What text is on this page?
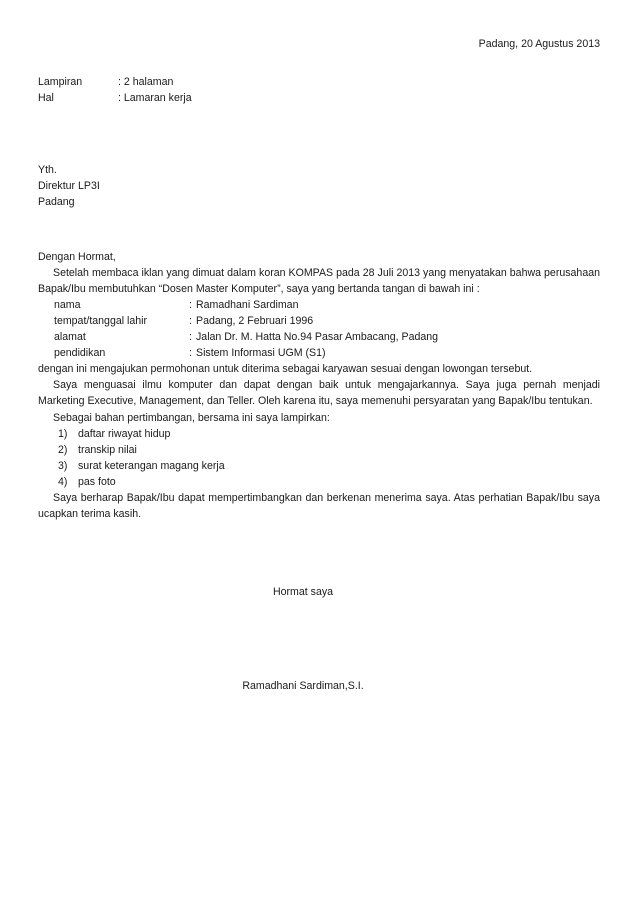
Padang, 20 Agustus 2013
Lampiran	: 2 halaman
Hal	: Lamaran kerja
Yth.
Direktur LP3I
Padang
Dengan Hormat,

Setelah membaca iklan yang dimuat dalam koran KOMPAS pada 28 Juli 2013 yang menyatakan bahwa perusahaan Bapak/Ibu membutuhkan “Dosen Master Komputer”, saya yang bertanda tangan di bawah ini :

nama	: Ramadhani Sardiman
tempat/tanggal lahir	: Padang, 2 Februari 1996
alamat	: Jalan Dr. M. Hatta No.94 Pasar Ambacang, Padang
pendidikan	: Sistem Informasi UGM (S1)

dengan ini mengajukan permohonan untuk diterima sebagai karyawan sesuai dengan lowongan tersebut.

Saya menguasai ilmu komputer dan dapat dengan baik untuk mengajarkannya. Saya juga pernah menjadi Marketing Executive, Management, dan Teller. Oleh karena itu, saya memenuhi persyaratan yang Bapak/Ibu tentukan.

Sebagai bahan pertimbangan, bersama ini saya lampirkan:

1) daftar riwayat hidup
2) transkip nilai
3) surat keterangan magang kerja
4) pas foto

Saya berharap Bapak/Ibu dapat mempertimbangkan dan berkenan menerima saya. Atas perhatian Bapak/Ibu saya ucapkan terima kasih.

Hormat saya
Ramadhani Sardiman,S.I.
